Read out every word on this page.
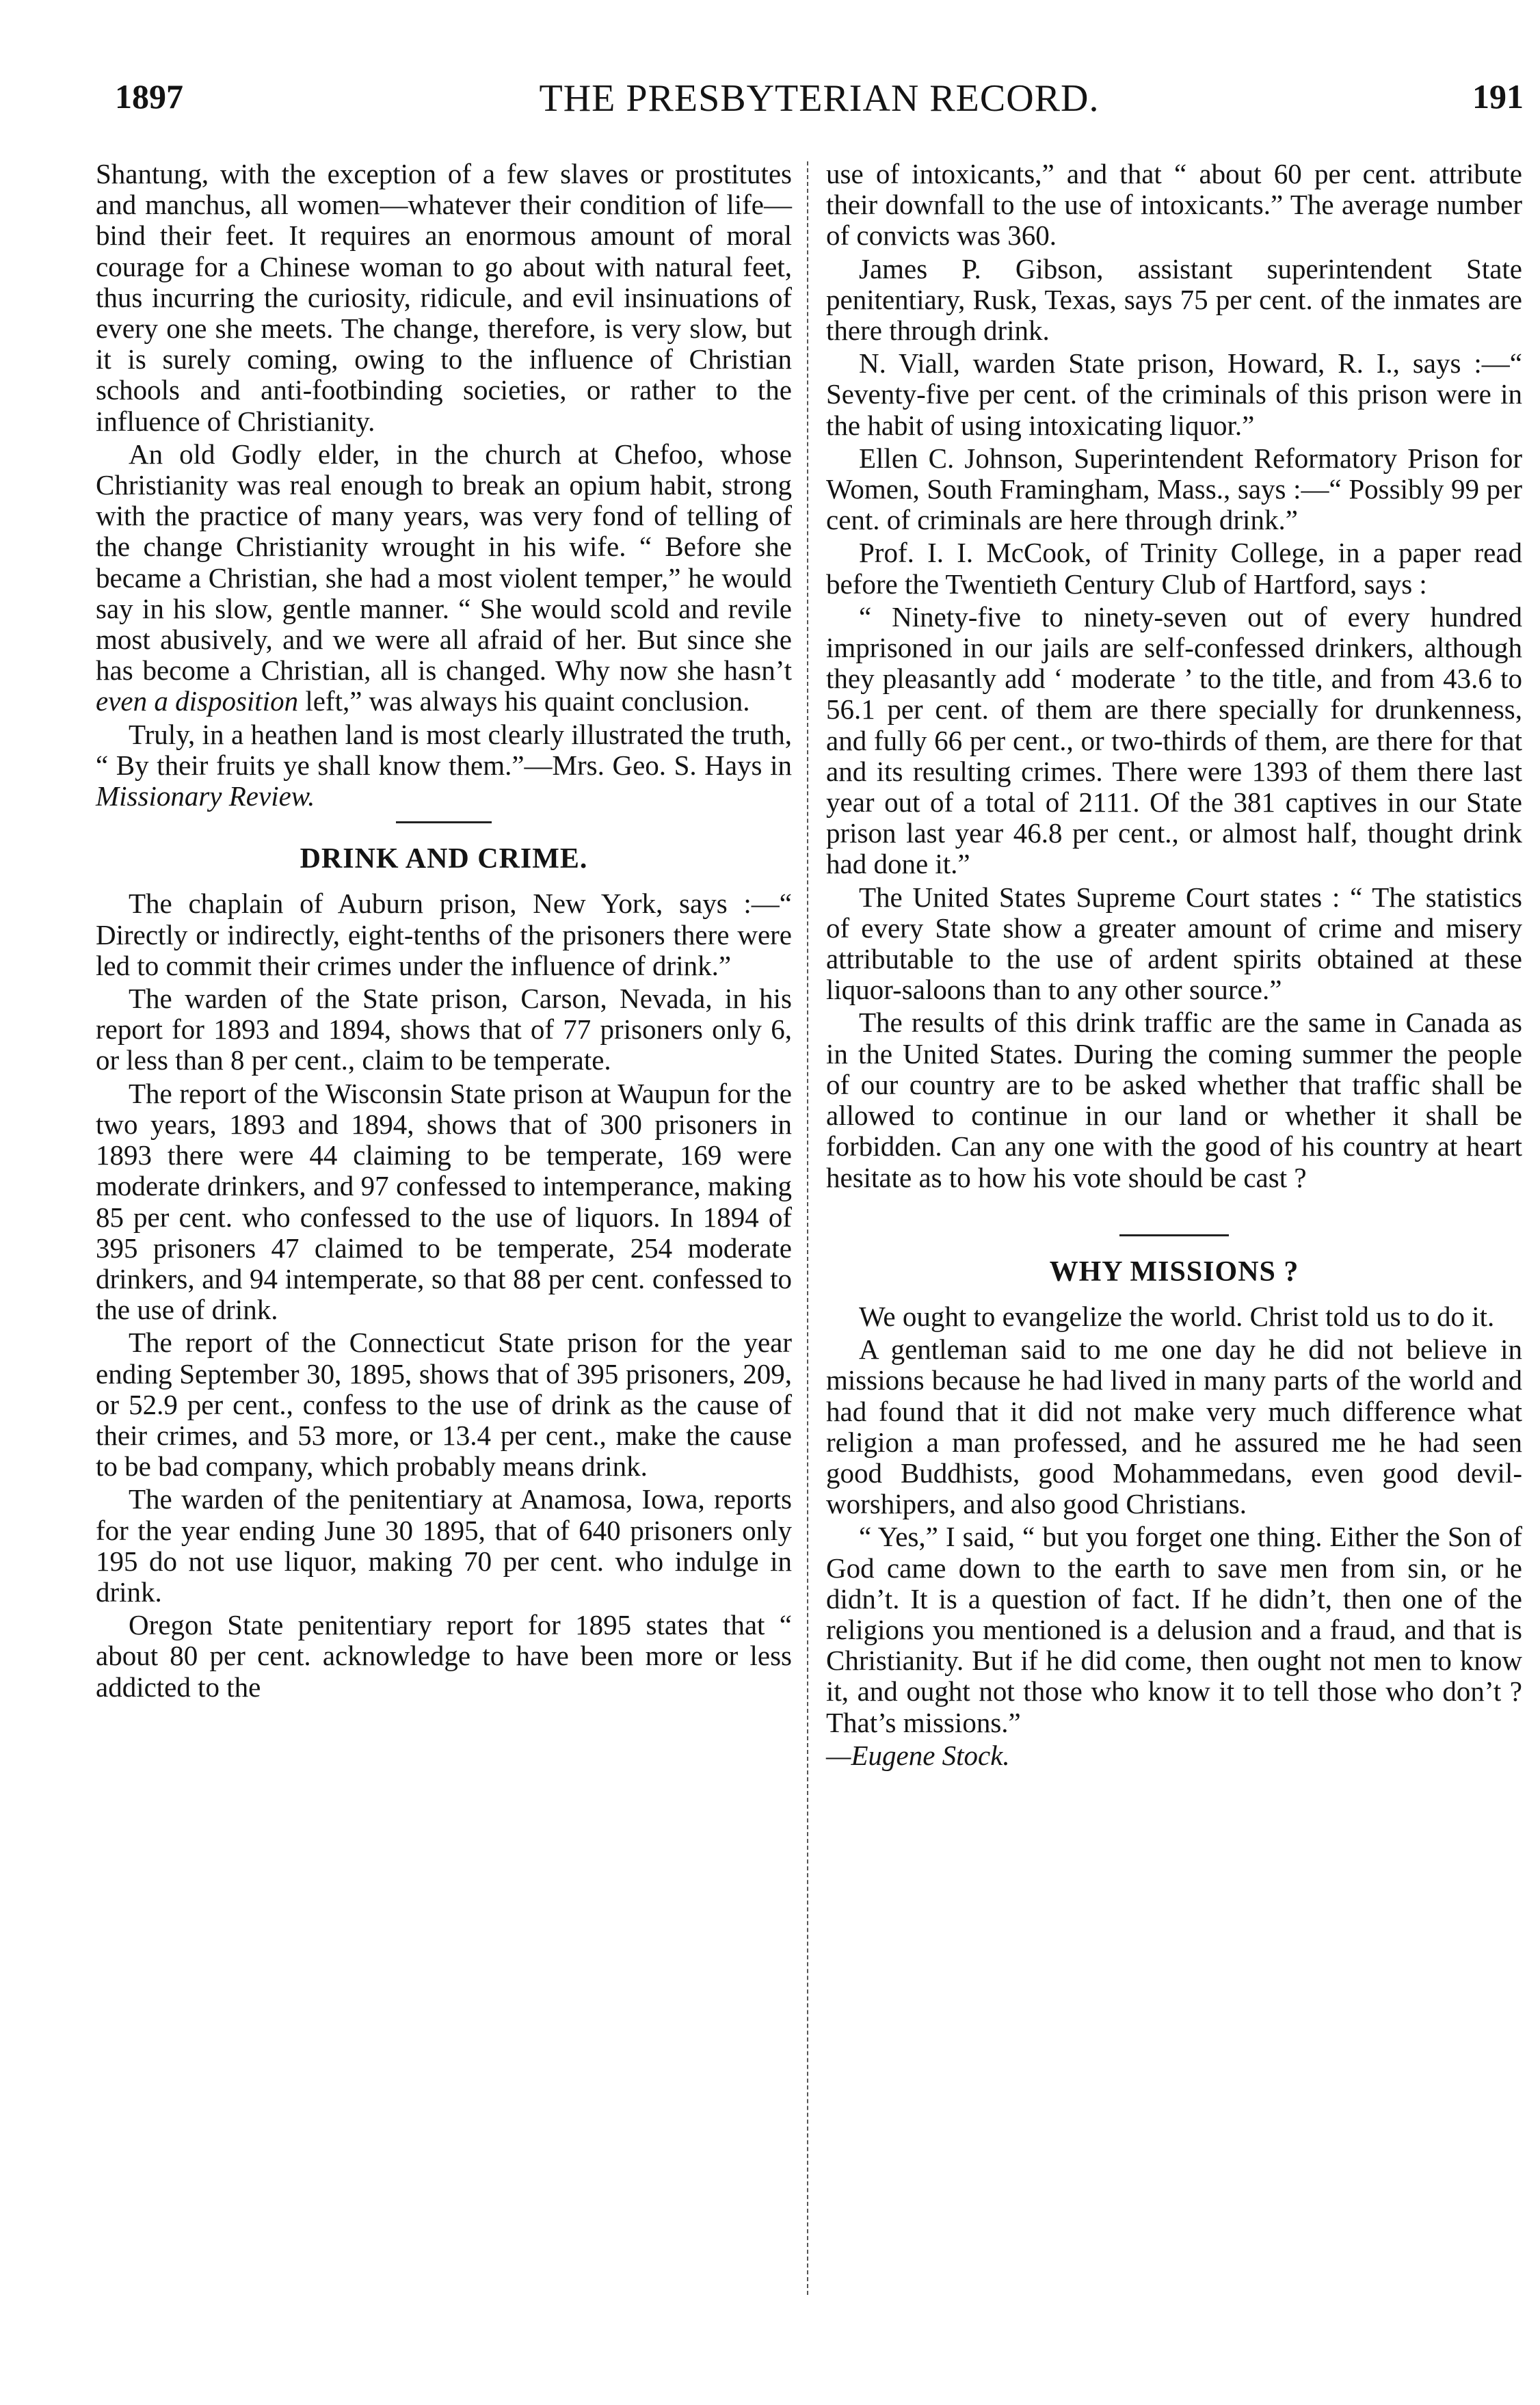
1897	THE PRESBYTERIAN RECORD.	191

Shantung, with the exception of a few slaves or prostitutes and manchus, all women—whatever their condition of life—bind their feet. It requires an enormous amount of moral courage for a Chinese woman to go about with natural feet, thus incurring the curiosity, ridicule, and evil insinuations of every one she meets. The change, therefore, is very slow, but it is surely coming, owing to the influence of Christian schools and anti-footbinding societies, or rather to the influence of Christianity.

An old Godly elder, in the church at Chefoo, whose Christianity was real enough to break an opium habit, strong with the practice of many years, was very fond of telling of the change Christianity wrought in his wife. “ Before she became a Christian, she had a most violent temper,” he would say in his slow, gentle manner. “ She would scold and revile most abusively, and we were all afraid of her. But since she has become a Christian, all is changed. Why now she hasn’t even a disposition left,” was always his quaint conclusion.

Truly, in a heathen land is most clearly illustrated the truth, “ By their fruits ye shall know them.”—Mrs. Geo. S. Hays in Missionary Review.

DRINK AND CRIME.

The chaplain of Auburn prison, New York, says :—“ Directly or indirectly, eight-tenths of the prisoners there were led to commit their crimes under the influence of drink.”

The warden of the State prison, Carson, Nevada, in his report for 1893 and 1894, shows that of 77 prisoners only 6, or less than 8 per cent., claim to be temperate.

The report of the Wisconsin State prison at Waupun for the two years, 1893 and 1894, shows that of 300 prisoners in 1893 there were 44 claiming to be temperate, 169 were moderate drinkers, and 97 confessed to intemperance, making 85 per cent. who confessed to the use of liquors. In 1894 of 395 prisoners 47 claimed to be temperate, 254 moderate drinkers, and 94 intemperate, so that 88 per cent. confessed to the use of drink.

The report of the Connecticut State prison for the year ending September 30, 1895, shows that of 395 prisoners, 209, or 52.9 per cent., confess to the use of drink as the cause of their crimes, and 53 more, or 13.4 per cent., make the cause to be bad company, which probably means drink.

The warden of the penitentiary at Anamosa, Iowa, reports for the year ending June 30 1895, that of 640 prisoners only 195 do not use liquor, making 70 per cent. who indulge in drink.

Oregon State penitentiary report for 1895 states that “ about 80 per cent. acknowledge to have been more or less addicted to the

use of intoxicants,” and that “ about 60 per cent. attribute their downfall to the use of intoxicants.” The average number of convicts was 360.

James P. Gibson, assistant superintendent State penitentiary, Rusk, Texas, says 75 per cent. of the inmates are there through drink.

N. Viall, warden State prison, Howard, R. I., says :—“ Seventy-five per cent. of the criminals of this prison were in the habit of using intoxicating liquor.”

Ellen C. Johnson, Superintendent Reformatory Prison for Women, South Framingham, Mass., says :—“ Possibly 99 per cent. of criminals are here through drink.”

Prof. I. I. McCook, of Trinity College, in a paper read before the Twentieth Century Club of Hartford, says :

“ Ninety-five to ninety-seven out of every hundred imprisoned in our jails are self-confessed drinkers, although they pleasantly add ‘ moderate ’ to the title, and from 43.6 to 56.1 per cent. of them are there specially for drunkenness, and fully 66 per cent., or two-thirds of them, are there for that and its resulting crimes. There were 1393 of them there last year out of a total of 2111. Of the 381 captives in our State prison last year 46.8 per cent., or almost half, thought drink had done it.”

The United States Supreme Court states : “ The statistics of every State show a greater amount of crime and misery attributable to the use of ardent spirits obtained at these liquor-saloons than to any other source.”

The results of this drink traffic are the same in Canada as in the United States. During the coming summer the people of our country are to be asked whether that traffic shall be allowed to continue in our land or whether it shall be forbidden. Can any one with the good of his country at heart hesitate as to how his vote should be cast ?

WHY MISSIONS ?

We ought to evangelize the world. Christ told us to do it.

A gentleman said to me one day he did not believe in missions because he had lived in many parts of the world and had found that it did not make very much difference what religion a man professed, and he assured me he had seen good Buddhists, good Mohammedans, even good devil-worshipers, and also good Christians.

“ Yes,” I said, “ but you forget one thing. Either the Son of God came down to the earth to save men from sin, or he didn’t. It is a question of fact. If he didn’t, then one of the religions you mentioned is a delusion and a fraud, and that is Christianity. But if he did come, then ought not men to know it, and ought not those who know it to tell those who don’t ? That’s missions.”

—Eugene Stock.
